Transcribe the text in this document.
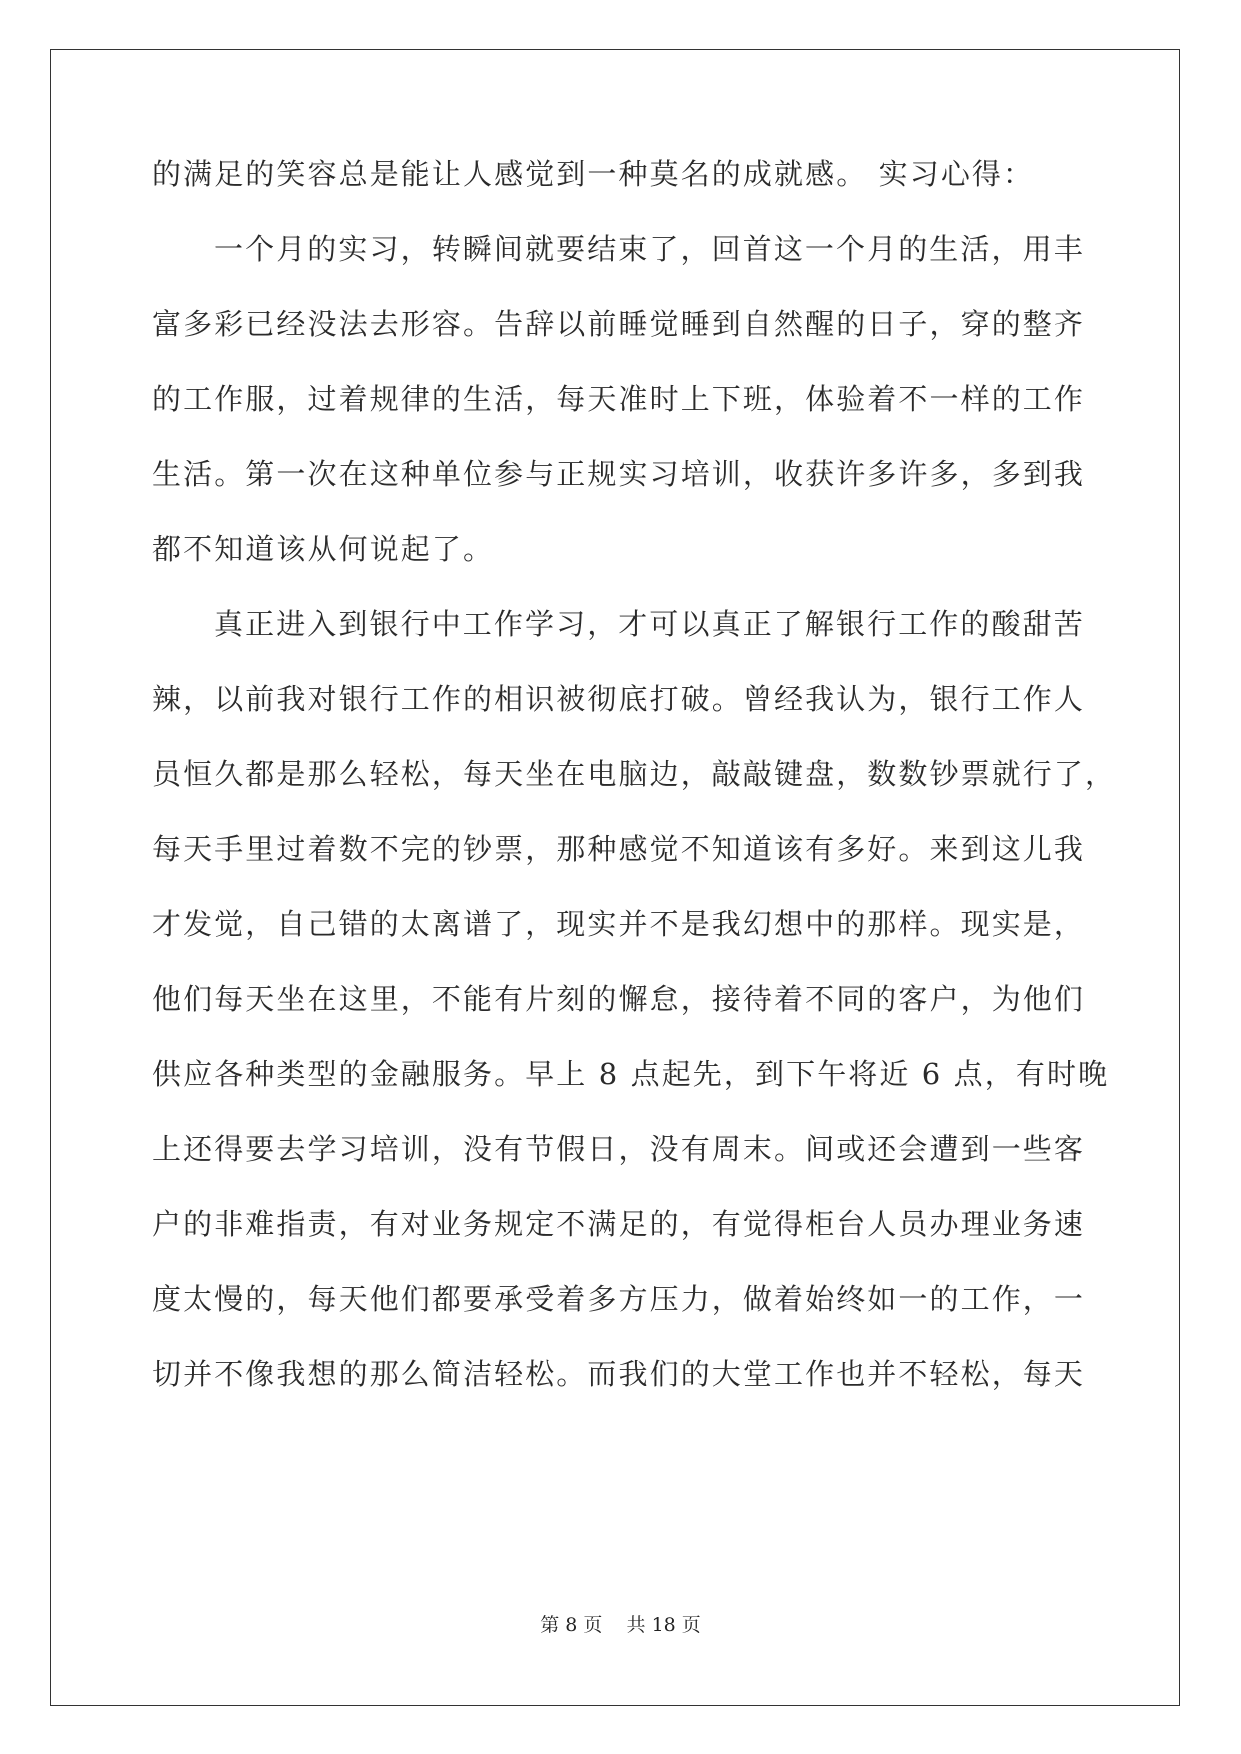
的满足的笑容总是能让人感觉到一种莫名的成就感。 实习心得：
一个月的实习，转瞬间就要结束了，回首这一个月的生活，用丰
富多彩已经没法去形容。告辞以前睡觉睡到自然醒的日子，穿的整齐
的工作服，过着规律的生活，每天准时上下班，体验着不一样的工作
生活。第一次在这种单位参与正规实习培训，收获许多许多，多到我
都不知道该从何说起了。
真正进入到银行中工作学习，才可以真正了解银行工作的酸甜苦
辣，以前我对银行工作的相识被彻底打破。曾经我认为，银行工作人
员恒久都是那么轻松，每天坐在电脑边，敲敲键盘，数数钞票就行了，
每天手里过着数不完的钞票，那种感觉不知道该有多好。来到这儿我
才发觉，自己错的太离谱了，现实并不是我幻想中的那样。现实是，
他们每天坐在这里，不能有片刻的懈怠，接待着不同的客户，为他们
供应各种类型的金融服务。早上 8 点起先，到下午将近 6 点，有时晚
上还得要去学习培训，没有节假日，没有周末。间或还会遭到一些客
户的非难指责，有对业务规定不满足的，有觉得柜台人员办理业务速
度太慢的，每天他们都要承受着多方压力，做着始终如一的工作，一
切并不像我想的那么简洁轻松。而我们的大堂工作也并不轻松，每天
第 8 页    共 18 页
